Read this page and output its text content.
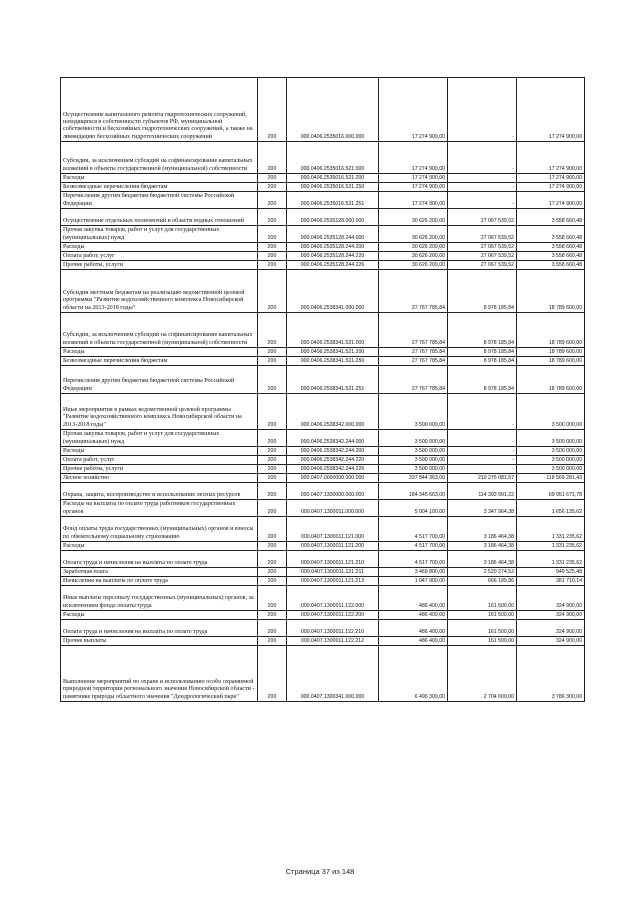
Осуществление капитального ремонта гидротехнических сооружений, находящихся в собственности субъектов РФ, муниципальной собственности и бесхозяйных гидротехнических сооружений, а также на ликвидацию бесхозяйных гидротехнических сооружений	200	000.0406.2535016.000.000	17 274 900,00	-	17 274 900,00
Субсидии, за исключением субсидий на софинансирование капитальных вложений в объекты государственной (муниципальной) собственности	200	000.0406.2535016.521.000	17 274 900,00	-	17 274 900,00
Расходы	200	000.0406.2535016.521.200	17 274 900,00	-	17 274 900,00
Безвозмездные перечисления бюджетам	200	000.0406.2535016.521.250	17 274 900,00	-	17 274 900,00
Перечисления другим бюджетам бюджетной системы Российской Федерации	200	000.0406.2535016.521.251	17 274 900,00	-	17 274 900,00
Осуществление отдельных полномочий в области водных отношений	200	000.0406.2535128.000.000	30 626 200,00	27 067 539,52	3 558 660,48
Прочая закупка товаров, работ и услуг для государственных (муниципальных) нужд	200	000.0406.2535128.244.000	30 626 200,00	27 067 539,52	3 558 660,48
Расходы	200	000.0406.2535128.244.200	30 626 200,00	27 067 539,52	3 558 660,48
Оплата работ, услуг	200	000.0406.2535128.244.220	30 626 200,00	27 067 539,52	3 558 660,48
Прочие работы, услуги	200	000.0406.2535128.244.226	30 626 200,00	27 067 539,52	3 558 660,48
Субсидии местным бюджетам на реализацию ведомственной целевой программы "Развитие водохозяйственного комплекса Новосибирской области на 2013-2018 годы"	200	000.0406.2538341.000.000	27 767 785,84	8 978 185,84	18 789 600,00
Субсидии, за исключением субсидий на софинансирование капитальных вложений в объекты государственной (муниципальной) собственности	200	000.0406.2538341.521.000	27 767 785,84	8 978 185,84	18 789 600,00
Расходы	200	000.0406.2538341.521.200	27 767 785,84	8 978 185,84	18 789 600,00
Безвозмездные перечисления бюджетам	200	000.0406.2538341.521.250	27 767 785,84	8 978 185,84	18 789 600,00
Перечисления другим бюджетам бюджетной системы Российской Федерации	200	000.0406.2538341.521.251	27 767 785,84	8 978 185,84	18 789 600,00
Иные мероприятия в рамках ведомственной целевой программы "Развитие водохозяйственного комплекса Новосибирской области на 2013-2018 годы"	200	000.0406.2538342.000.000	3 500 000,00	-	3 500 000,00
Прочая закупка товаров, работ и услуг для государственных (муниципальных) нужд	200	000.0406.2538342.244.000	3 500 000,00	-	3 500 000,00
Расходы	200	000.0406.2538342.244.200	3 500 000,00	-	3 500 000,00
Оплата работ, услуг	200	000.0406.2538342.244.220	3 500 000,00	-	3 500 000,00
Прочие работы, услуги	200	000.0406.2538342.244.226	3 500 000,00	-	3 500 000,00
Лесное хозяйство	200	000.0407.0000000.000.000	337 844 363,00	219 275 081,57	118 569 281,43
Охрана, защита, воспроизводство и использование лесных ресурсов	200	000.0407.1300000.000.000	184 345 663,00	114 393 991,22	69 951 671,78
Расходы на выплаты по оплате труда работников государственных органов	200	000.0407.1300011.000.000	5 004 100,00	3 347 964,38	1 656 135,62
Фонд оплаты труда государственных (муниципальных) органов и взносы по обязательному социальному страхованию	200	000.0407.1300011.121.000	4 517 700,00	3 186 464,38	1 331 235,62
Расходы	200	000.0407.1300011.121.200	4 517 700,00	3 186 464,38	1 331 235,62
Оплата труда и начисления на выплаты по оплате труда	200	000.0407.1300011.121.210	4 517 700,00	3 186 464,38	1 331 235,62
Заработная плата	200	000.0407.1300011.121.211	3 469 800,00	2 520 274,52	949 525,48
Начисления на выплаты по оплате труда	200	000.0407.1300011.121.213	1 047 900,00	666 189,86	381 710,14
Иные выплаты персоналу государственных (муниципальных) органов, за исключением фонда оплаты труда	200	000.0407.1300011.122.000	486 400,00	161 500,00	324 900,00
Расходы	200	000.0407.1300011.122.200	486 400,00	161 500,00	324 900,00
Оплата труда и начисления на выплаты по оплате труда	200	000.0407.1300011.122.210	486 400,00	161 500,00	324 900,00
Прочие выплаты	200	000.0407.1300011.122.212	486 400,00	161 500,00	324 900,00
Выполнение мероприятий по охране и использованию особо охраняемой природной территории регионального значения Новосибирской области - памятнике природы областного значения "Дендрологический парк"	200	000.0407.1300341.000.000	6 490 300,00	2 704 000,00	3 786 300,00
Страница 37 из 148
